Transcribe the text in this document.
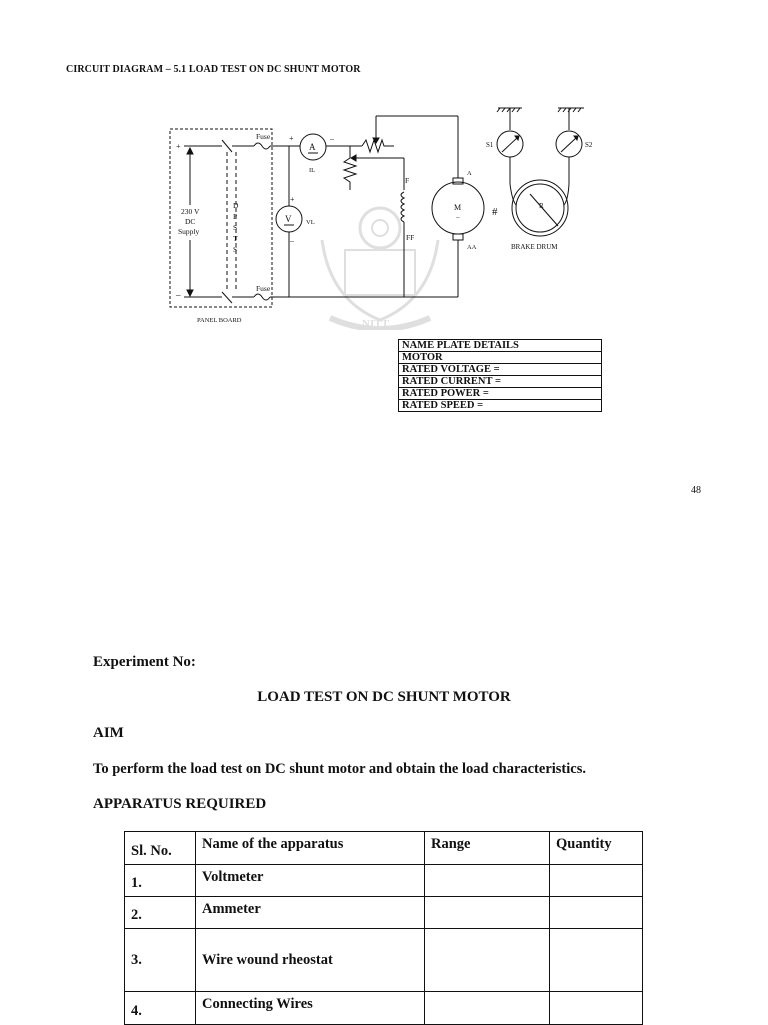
CIRCUIT DIAGRAM – 5.1 LOAD TEST ON DC SHUNT MOTOR
NITT
PANEL BOARD
+
–
230 V
DC
Supply
D
P
S
T
S
Fuse
Fuse
A
+	–
IL
V
+
–
VL
F
FF
M
–
A
AA
#	R
BRAKE DRUM
S1	S2
NAME PLATE DETAILS
MOTOR
RATED VOLTAGE =
RATED CURRENT =
RATED POWER =
RATED SPEED =
48
Experiment No:
LOAD TEST ON DC SHUNT MOTOR
AIM
To perform the load test on DC shunt motor and obtain the load characteristics.
APPARATUS REQUIRED
Sl. No.	Name of the apparatus	Range	Quantity
1.	Voltmeter		
2.	Ammeter		
3.	Wire wound rheostat		
4.	Connecting Wires		
